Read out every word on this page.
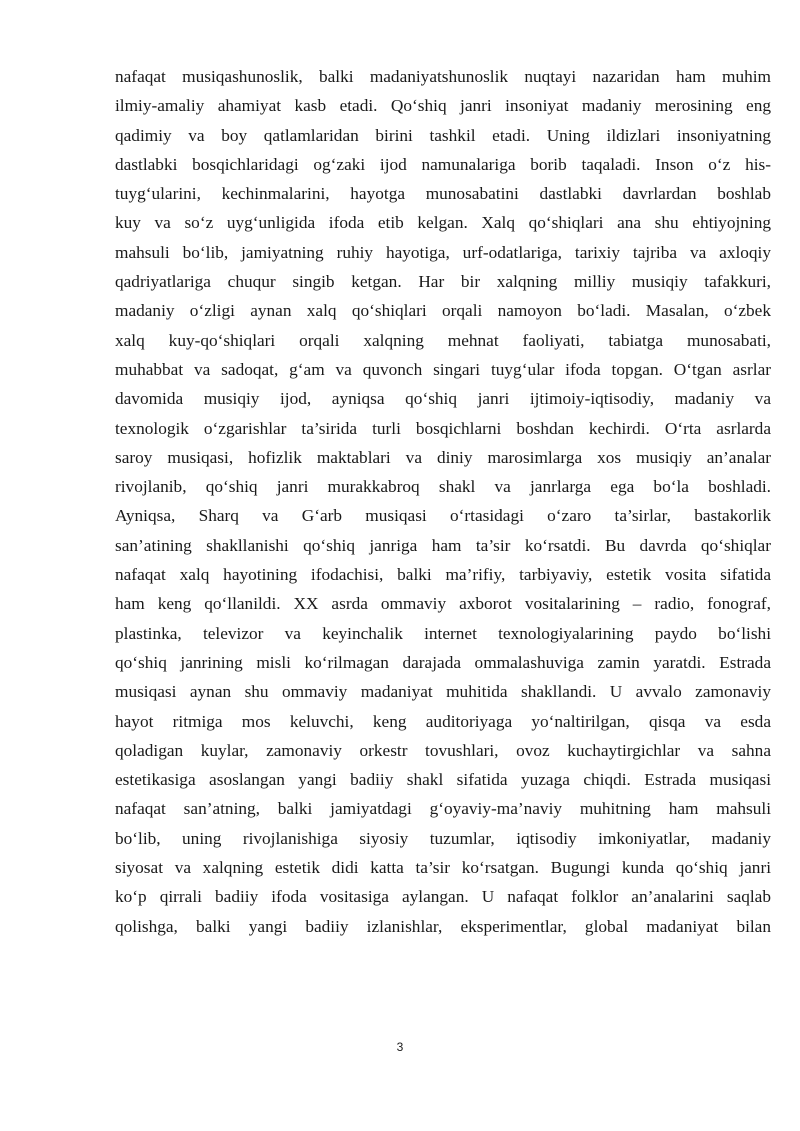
nafaqat musiqashunoslik, balki madaniyatshunoslik nuqtayi nazaridan ham muhim
ilmiy-amaliy ahamiyat kasb etadi. Qo‘shiq janri insoniyat madaniy merosining eng
qadimiy va boy qatlamlaridan birini tashkil etadi. Uning ildizlari insoniyatning
dastlabki bosqichlaridagi og‘zaki ijod namunalariga borib taqaladi. Inson o‘z his-
tuyg‘ularini, kechinmalarini, hayotga munosabatini dastlabki davrlardan boshlab
kuy va so‘z uyg‘unligida ifoda etib kelgan. Xalq qo‘shiqlari ana shu ehtiyojning
mahsuli bo‘lib, jamiyatning ruhiy hayotiga, urf-odatlariga, tarixiy tajriba va axloqiy
qadriyatlariga chuqur singib ketgan. Har bir xalqning milliy musiqiy tafakkuri,
madaniy o‘zligi aynan xalq qo‘shiqlari orqali namoyon bo‘ladi. Masalan, o‘zbek
xalq kuy-qo‘shiqlari orqali xalqning mehnat faoliyati, tabiatga munosabati,
muhabbat va sadoqat, g‘am va quvonch singari tuyg‘ular ifoda topgan. O‘tgan asrlar
davomida musiqiy ijod, ayniqsa qo‘shiq janri ijtimoiy-iqtisodiy, madaniy va
texnologik o‘zgarishlar ta’sirida turli bosqichlarni boshdan kechirdi. O‘rta asrlarda
saroy musiqasi, hofizlik maktablari va diniy marosimlarga xos musiqiy an’analar
rivojlanib, qo‘shiq janri murakkabroq shakl va janrlarga ega bo‘la boshladi.
Ayniqsa, Sharq va G‘arb musiqasi o‘rtasidagi o‘zaro ta’sirlar, bastakorlik
san’atining shakllanishi qo‘shiq janriga ham ta’sir ko‘rsatdi. Bu davrda qo‘shiqlar
nafaqat xalq hayotining ifodachisi, balki ma’rifiy, tarbiyaviy, estetik vosita sifatida
ham keng qo‘llanildi. XX asrda ommaviy axborot vositalarining – radio, fonograf,
plastinka, televizor va keyinchalik internet texnologiyalarining paydo bo‘lishi
qo‘shiq janrining misli ko‘rilmagan darajada ommalashuviga zamin yaratdi. Estrada
musiqasi aynan shu ommaviy madaniyat muhitida shakllandi. U avvalo zamonaviy
hayot ritmiga mos keluvchi, keng auditoriyaga yo‘naltirilgan, qisqa va esda
qoladigan kuylar, zamonaviy orkestr tovushlari, ovoz kuchaytirgichlar va sahna
estetikasiga asoslangan yangi badiiy shakl sifatida yuzaga chiqdi. Estrada musiqasi
nafaqat san’atning, balki jamiyatdagi g‘oyaviy-ma’naviy muhitning ham mahsuli
bo‘lib, uning rivojlanishiga siyosiy tuzumlar, iqtisodiy imkoniyatlar, madaniy
siyosat va xalqning estetik didi katta ta’sir ko‘rsatgan. Bugungi kunda qo‘shiq janri
ko‘p qirrali badiiy ifoda vositasiga aylangan. U nafaqat folklor an’analarini saqlab
qolishga, balki yangi badiiy izlanishlar, eksperimentlar, global madaniyat bilan
3
